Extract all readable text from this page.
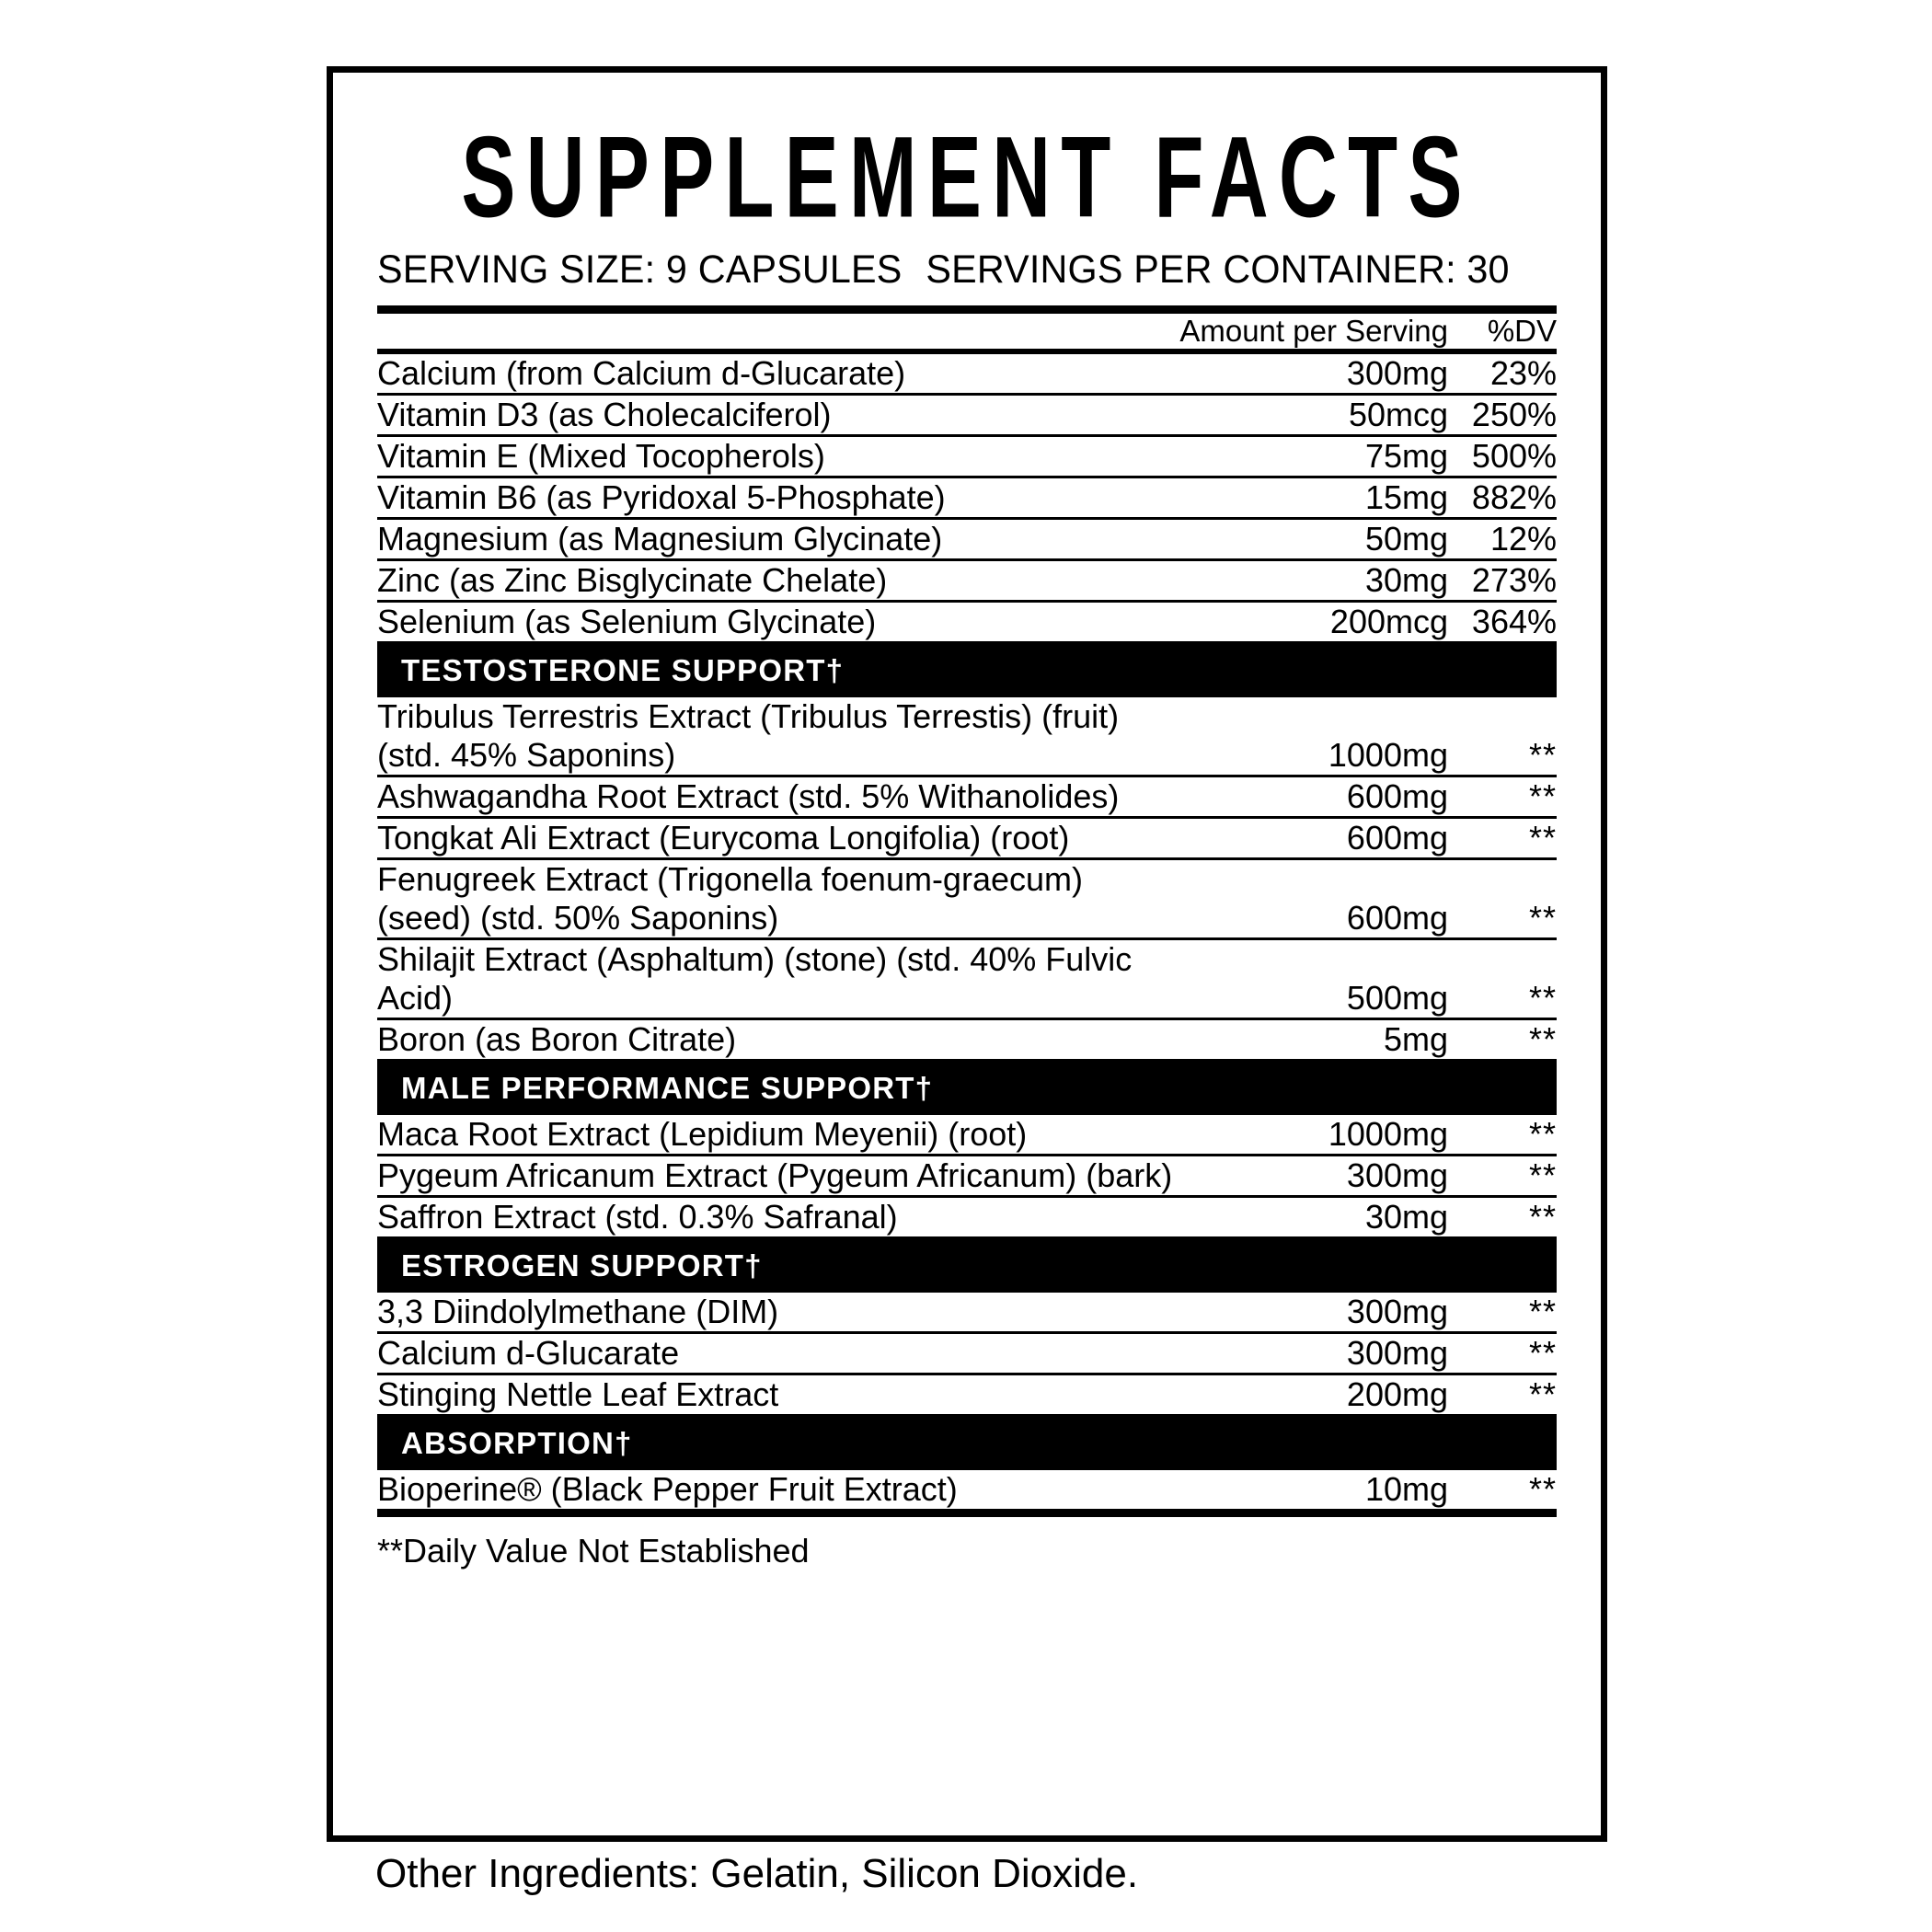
SUPPLEMENT FACTS
SERVING SIZE: 9 CAPSULES SERVINGS PER CONTAINER: 30
	Amount per Serving	%DV

Calcium (from Calcium d-Glucarate)	300mg	23%
Vitamin D3 (as Cholecalciferol)	50mcg	250%
Vitamin E (Mixed Tocopherols)	75mg	500%
Vitamin B6 (as Pyridoxal 5-Phosphate)	15mg	882%
Magnesium (as Magnesium Glycinate)	50mg	12%
Zinc (as Zinc Bisglycinate Chelate)	30mg	273%
Selenium (as Selenium Glycinate)	200mcg	364%

TESTOSTERONE SUPPORT†		

Tribulus Terrestris Extract (Tribulus Terrestis) (fruit) (std. 45% Saponins)	1000mg	**
Ashwagandha Root Extract (std. 5% Withanolides)	600mg	**
Tongkat Ali Extract (Eurycoma Longifolia) (root)	600mg	**
Fenugreek Extract (Trigonella foenum-graecum) (seed) (std. 50% Saponins)	600mg	**
Shilajit Extract (Asphaltum) (stone) (std. 40% Fulvic Acid)	500mg	**
Boron (as Boron Citrate)	5mg	**

MALE PERFORMANCE SUPPORT†		

Maca Root Extract (Lepidium Meyenii) (root)	1000mg	**
Pygeum Africanum Extract (Pygeum Africanum) (bark)	300mg	**
Saffron Extract (std. 0.3% Safranal)	30mg	**

ESTROGEN SUPPORT†		

3,3 Diindolylmethane (DIM)	300mg	**
Calcium d-Glucarate	300mg	**
Stinging Nettle Leaf Extract	200mg	**

ABSORPTION†		

Bioperine® (Black Pepper Fruit Extract)	10mg	**
**Daily Value Not Established
Other Ingredients: Gelatin, Silicon Dioxide.
